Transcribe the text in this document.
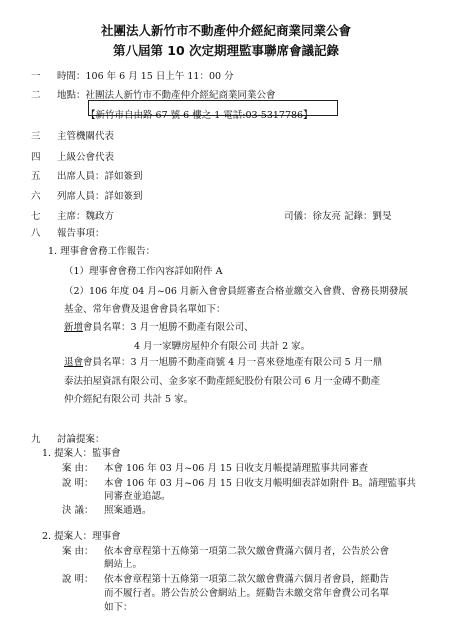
社團法人新竹市不動產仲介經紀商業同業公會
第八屆第 10 次定期理監事聯席會議記錄
一 時間：106 年 6 月 15 日上午 11：00 分
二 地點：社團法人新竹市不動產仲介經紀商業同業公會
【新竹市自由路 67 號 6 樓之 1 電話:03-5317786】
三 主管機關代表
四 上級公會代表
五 出席人員：詳如簽到
六 列席人員：詳如簽到
七 主席：魏政方	司儀：徐友亮 記錄：劉旻
八 報告事項：
1. 理事會會務工作報告：
（1）理事會會務工作內容詳如附件 A
（2）106 年度 04 月~06 月新入會會員經審查合格並繳交入會費、會務長期發展
基金、常年會費及退會會員名單如下：
新增會員名單：3 月一旭勝不動產有限公司、
4 月一家驊房屋仲介有限公司 共計 2 家。
退會會員名單：3 月一旭勝不動產商號 4 月一喜來登地產有限公司 5 月一鼎
泰法拍屋資訊有限公司、金多家不動產經紀股份有限公司 6 月一金磚不動產
仲介經紀有限公司 共計 5 家。
九 討論提案：
1. 提案人：監事會
案 由： 本會 106 年 03 月~06 月 15 日收支月帳提請理監事共同審查
說 明： 本會 106 年 03 月~06 月 15 日收支月帳明細表詳如附件 B。請理監事共
同審查並追認。
決 議： 照案通過。
2. 提案人：理事會
案 由： 依本會章程第十五條第一項第二款欠繳會費滿六個月者，公告於公會
網站上。
說 明： 依本會章程第十五條第一項第二款欠繳會費滿六個月者會員，經勸告
而不履行者。將公告於公會網站上。經勸告未繳交常年會費公司名單
如下：
